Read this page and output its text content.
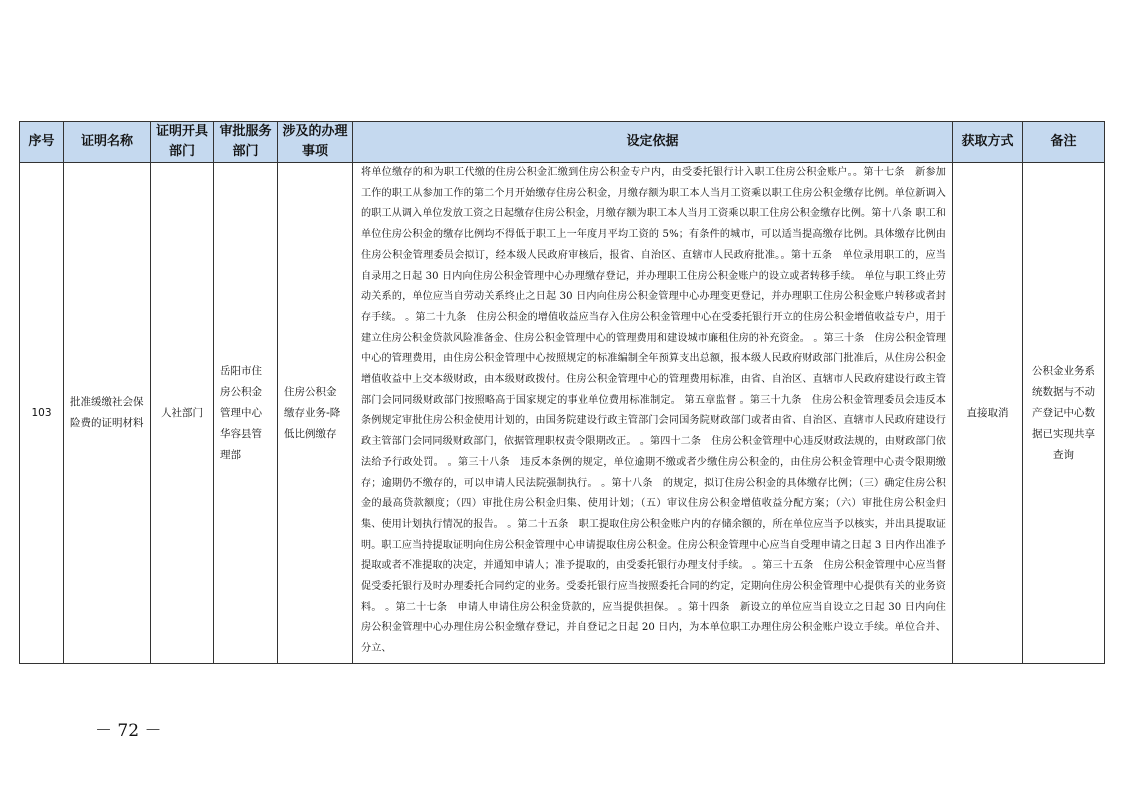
序号	证明名称	证明开具部门	审批服务部门	涉及的办理事项	设定依据	获取方式	备注
103	批准缓缴社会保险费的证明材料	人社部门	岳阳市住房公积金管理中心华容县管理部	住房公积金缴存业务-降低比例缴存	将单位缴存的和为职工代缴的住房公积金汇缴到住房公积金专户内，由受委托银行计入职工住房公积金账户。。第十七条　新参加工作的职工从参加工作的第二个月开始缴存住房公积金，月缴存额为职工本人当月工资乘以职工住房公积金缴存比例。单位新调入的职工从调入单位发放工资之日起缴存住房公积金，月缴存额为职工本人当月工资乘以职工住房公积金缴存比例。第十八条 职工和单位住房公积金的缴存比例均不得低于职工上一年度月平均工资的 5%；有条件的城市，可以适当提高缴存比例。具体缴存比例由住房公积金管理委员会拟订，经本级人民政府审核后，报省、自治区、直辖市人民政府批准。。第十五条　单位录用职工的，应当自录用之日起 30 日内向住房公积金管理中心办理缴存登记，并办理职工住房公积金账户的设立或者转移手续。 单位与职工终止劳动关系的，单位应当自劳动关系终止之日起 30 日内向住房公积金管理中心办理变更登记，并办理职工住房公积金账户转移或者封存手续。 。第二十九条　住房公积金的增值收益应当存入住房公积金管理中心在受委托银行开立的住房公积金增值收益专户，用于建立住房公积金贷款风险准备金、住房公积金管理中心的管理费用和建设城市廉租住房的补充资金。 。第三十条　住房公积金管理中心的管理费用，由住房公积金管理中心按照规定的标准编制全年预算支出总额，报本级人民政府财政部门批准后，从住房公积金增值收益中上交本级财政，由本级财政拨付。住房公积金管理中心的管理费用标准，由省、自治区、直辖市人民政府建设行政主管部门会同同级财政部门按照略高于国家规定的事业单位费用标准制定。 第五章监督 。第三十九条　住房公积金管理委员会违反本条例规定审批住房公积金使用计划的，由国务院建设行政主管部门会同国务院财政部门或者由省、自治区、直辖市人民政府建设行政主管部门会同同级财政部门，依据管理职权责令限期改正。 。第四十二条　住房公积金管理中心违反财政法规的，由财政部门依法给予行政处罚。 。第三十八条　违反本条例的规定，单位逾期不缴或者少缴住房公积金的，由住房公积金管理中心责令限期缴存；逾期仍不缴存的，可以申请人民法院强制执行。 。第十八条　的规定，拟订住房公积金的具体缴存比例；（三）确定住房公积金的最高贷款额度；（四）审批住房公积金归集、使用计划；（五）审议住房公积金增值收益分配方案；（六）审批住房公积金归集、使用计划执行情况的报告。 。第二十五条　职工提取住房公积金账户内的存储余额的，所在单位应当予以核实，并出具提取证明。职工应当持提取证明向住房公积金管理中心申请提取住房公积金。住房公积金管理中心应当自受理申请之日起 3 日内作出准予提取或者不准提取的决定，并通知申请人；准予提取的，由受委托银行办理支付手续。 。第三十五条　住房公积金管理中心应当督促受委托银行及时办理委托合同约定的业务。受委托银行应当按照委托合同的约定，定期向住房公积金管理中心提供有关的业务资料。 。第二十七条　申请人申请住房公积金贷款的，应当提供担保。 。第十四条　新设立的单位应当自设立之日起 30 日内向住房公积金管理中心办理住房公积金缴存登记，并自登记之日起 20 日内，为本单位职工办理住房公积金账户设立手续。单位合并、分立、	直接取消	公积金业务系统数据与不动产登记中心数据已实现共享查询
－ 72 －
